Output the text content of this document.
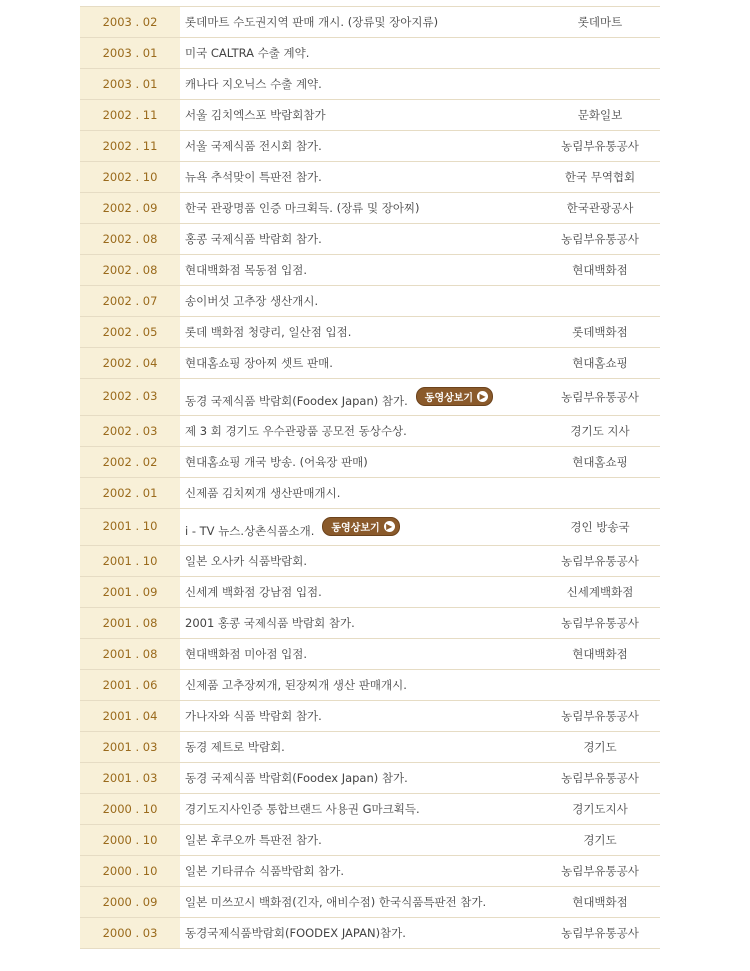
2003 . 02	롯데마트 수도권지역 판매 개시. (장류및 장아지류)	롯데마트
2003 . 01	미국 CALTRA 수출 계약.
2003 . 01	캐나다 지오닉스 수출 계약.
2002 . 11	서울 김치엑스포 박람회참가	문화일보
2002 . 11	서울 국제식품 전시회 참가.	농림부유통공사
2002 . 10	뉴욕 추석맞이 특판전 참가.	한국 무역협회
2002 . 09	한국 관광명품 인증 마크획득. (장류 및 장아찌)	한국관광공사
2002 . 08	홍콩 국제식품 박람회 참가.	농림부유통공사
2002 . 08	현대백화점 목동점 입점.	현대백화점
2002 . 07	송이버섯 고추장 생산개시.
2002 . 05	롯데 백화점 청량리, 일산점 입점.	롯데백화점
2002 . 04	현대홈쇼핑 장아찌 셋트 판매.	현대홈쇼핑
2002 . 03	동경 국제식품 박람회(Foodex Japan) 참가. 동영상보기 ▶	농림부유통공사
2002 . 03	제 3 회 경기도 우수관광품 공모전 동상수상.	경기도 지사
2002 . 02	현대홈쇼핑 개국 방송. (어육장 판매)	현대홈쇼핑
2002 . 01	신제품 김치찌개 생산판매개시.
2001 . 10	i - TV 뉴스.상촌식품소개. 동영상보기 ▶	경인 방송국
2001 . 10	일본 오사카 식품박람회.	농림부유통공사
2001 . 09	신세계 백화점 강남점 입점.	신세계백화점
2001 . 08	2001 홍콩 국제식품 박람회 참가.	농림부유통공사
2001 . 08	현대백화점 미아점 입점.	현대백화점
2001 . 06	신제품 고추장찌개, 된장찌개 생산 판매개시.
2001 . 04	가나자와 식품 박람회 참가.	농림부유통공사
2001 . 03	동경 제트로 박람회.	경기도
2001 . 03	동경 국제식품 박람회(Foodex Japan) 참가.	농림부유통공사
2000 . 10	경기도지사인증 통합브랜드 사용권 G마크획득.	경기도지사
2000 . 10	일본 후쿠오까 특판전 참가.	경기도
2000 . 10	일본 기타큐슈 식품박람회 참가.	농림부유통공사
2000 . 09	일본 미쓰꼬시 백화점(긴자, 애비수점) 한국식품특판전 참가.	현대백화점
2000 . 03	동경국제식품박람회(FOODEX JAPAN)참가.	농림부유통공사
